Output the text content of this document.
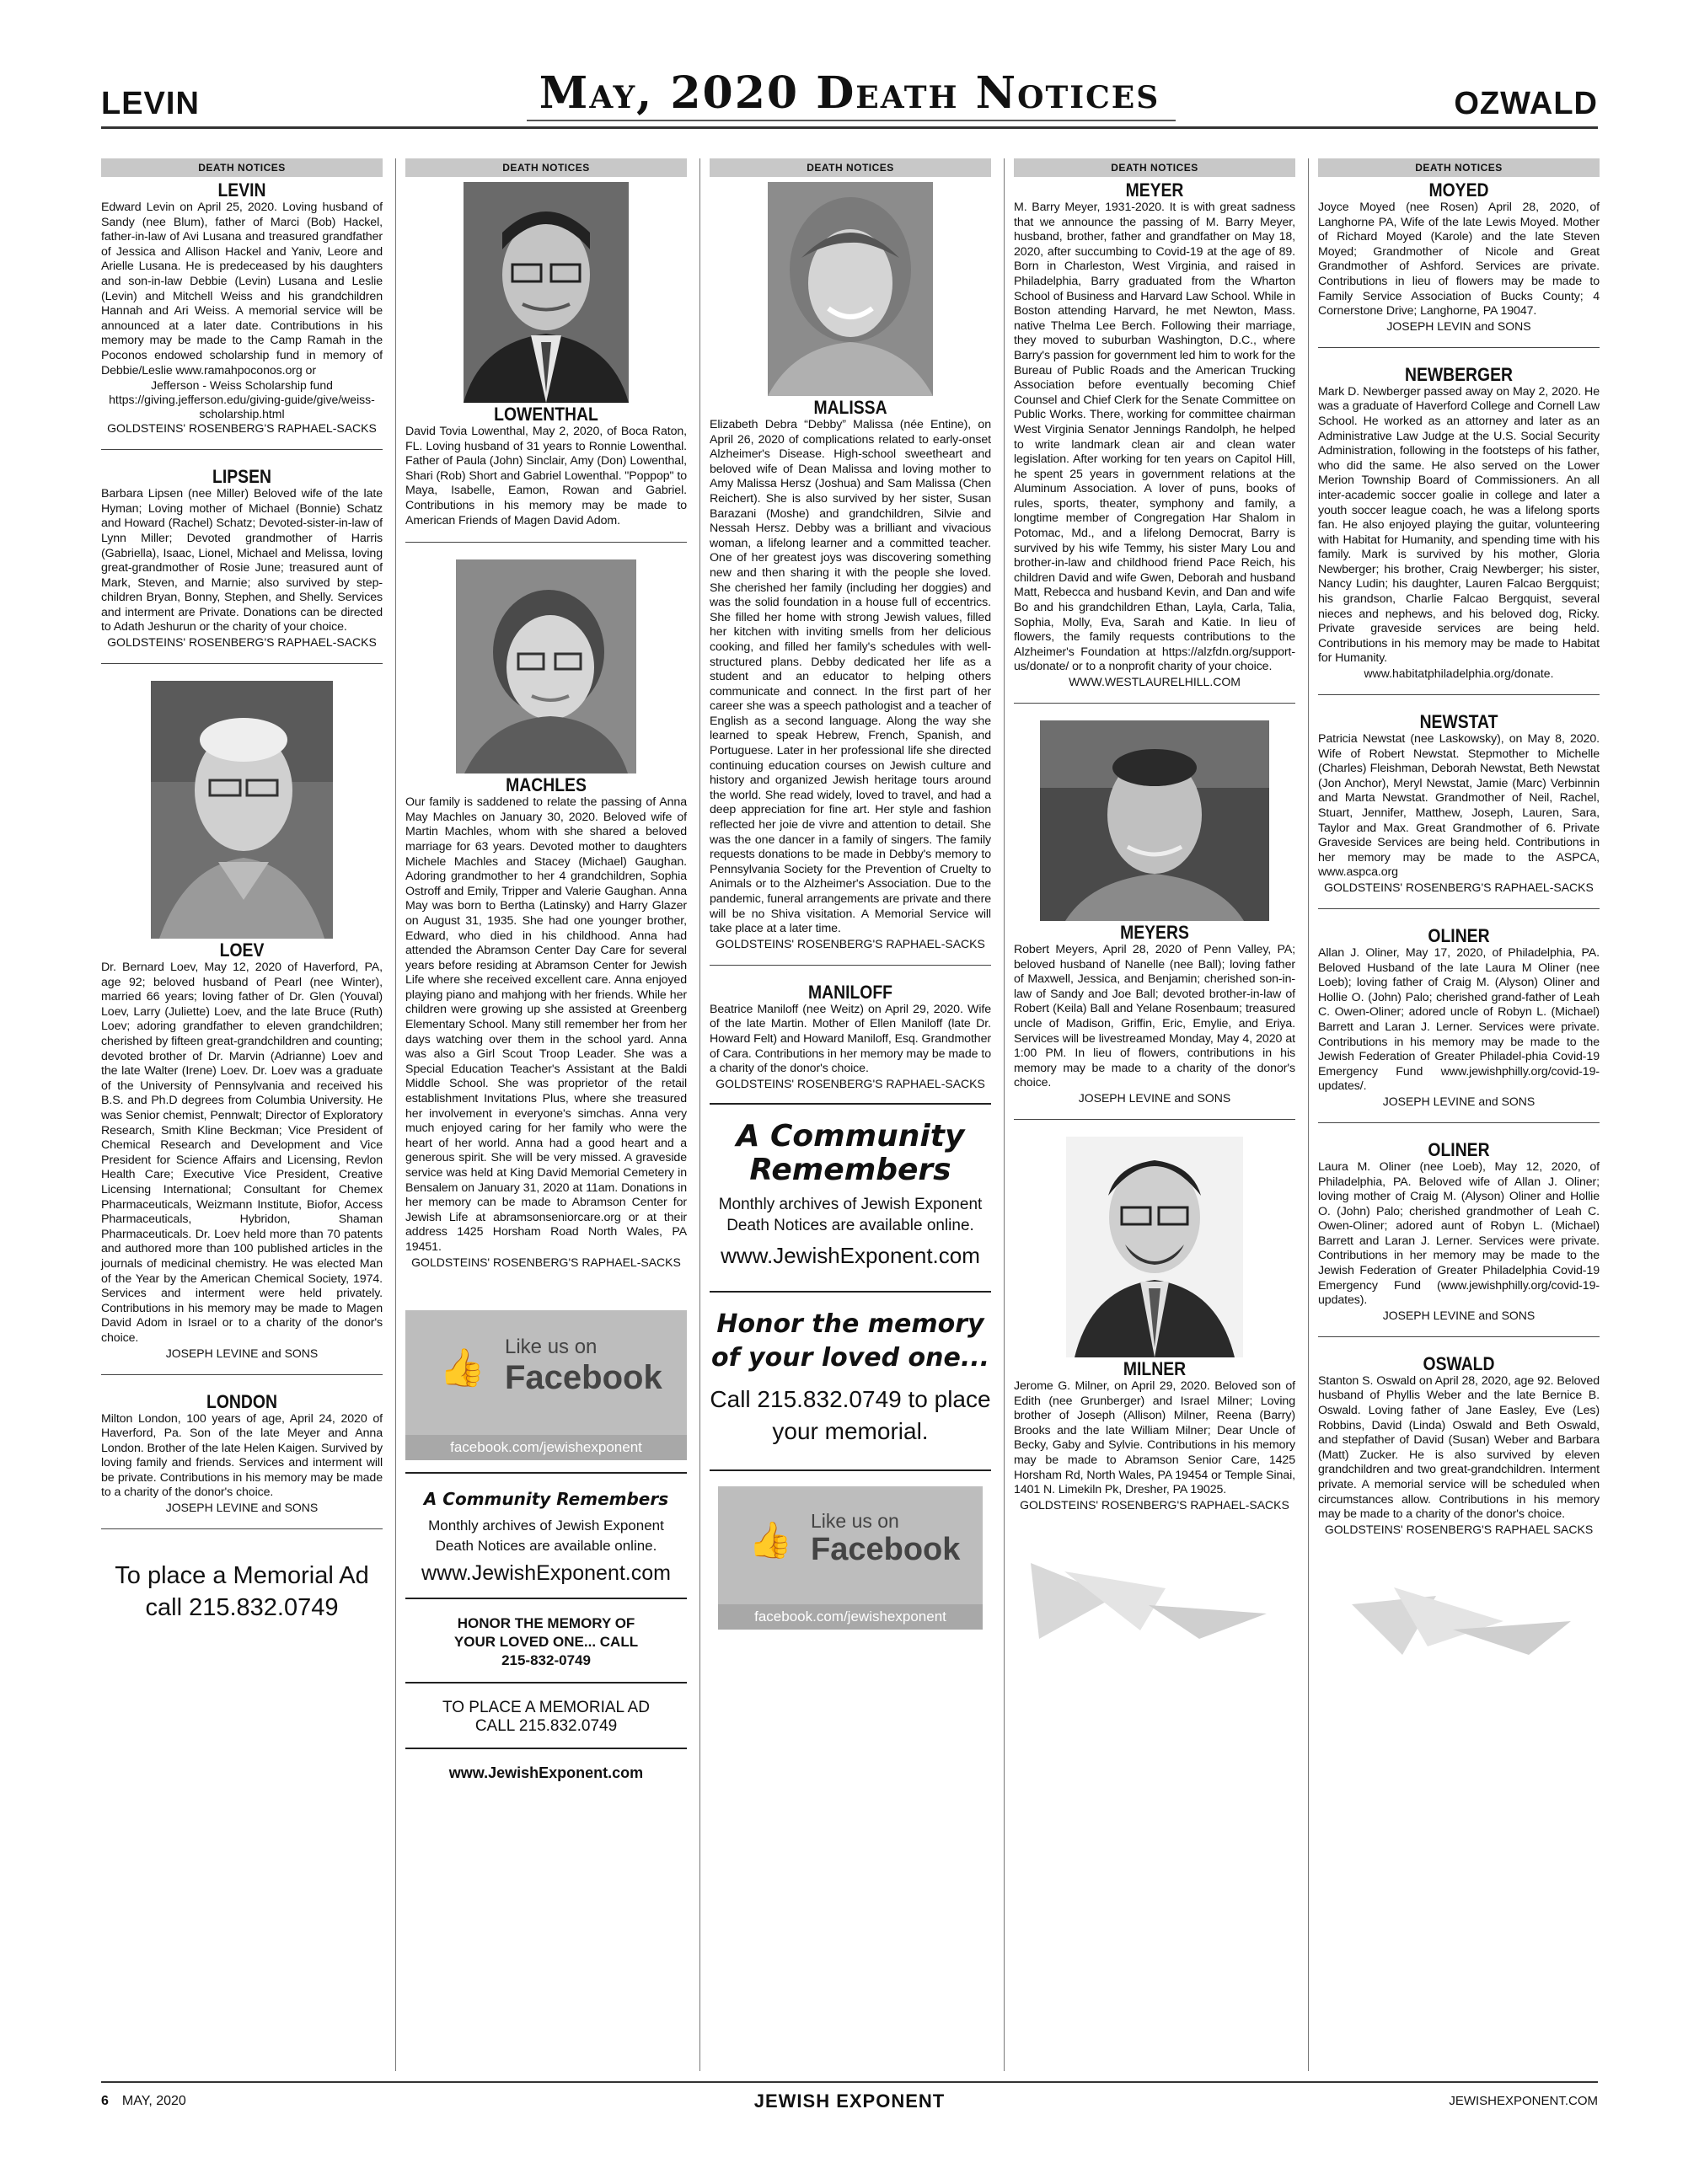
LEVIN	May, 2020 Death Notices	OZWALD
DEATH NOTICES
LEVIN
Edward Levin on April 25, 2020. Loving husband of Sandy (nee Blum), father of Marci (Bob) Hackel, father-in-law of Avi Lusana and treasured grandfather of Jessica and Allison Hackel and Yaniv, Leore and Arielle Lusana. He is predeceased by his daughters and son-in-law Debbie (Levin) Lusana and Leslie (Levin) and Mitchell Weiss and his grandchildren Hannah and Ari Weiss. A memorial service will be announced at a later date. Contributions in his memory may be made to the Camp Ramah in the Poconos endowed scholarship fund in memory of Debbie/Leslie www.ramahpoconos.org or
Jefferson - Weiss Scholarship fund https://giving.jefferson.edu/giving-guide/give/weiss-scholarship.html
GOLDSTEINS' ROSENBERG'S RAPHAEL-SACKS
LIPSEN
Barbara Lipsen (nee Miller) Beloved wife of the late Hyman; Loving mother of Michael (Bonnie) Schatz and Howard (Rachel) Schatz; Devoted-sister-in-law of Lynn Miller; Devoted grandmother of Harris (Gabriella), Isaac, Lionel, Michael and Melissa, loving great-grandmother of Rosie June; treasured aunt of Mark, Steven, and Marnie; also survived by step-children Bryan, Bonny, Stephen, and Shelly. Services and interment are Private. Donations can be directed to Adath Jeshurun or the charity of your choice.
GOLDSTEINS' ROSENBERG'S RAPHAEL-SACKS
LOEV
Dr. Bernard Loev, May 12, 2020 of Haverford, PA, age 92; beloved husband of Pearl (nee Winter), married 66 years; loving father of Dr. Glen (Youval) Loev, Larry (Juliette) Loev, and the late Bruce (Ruth) Loev; adoring grandfather to eleven grandchildren; cherished by fifteen great-grandchildren and counting; devoted brother of Dr. Marvin (Adrianne) Loev and the late Walter (Irene) Loev. Dr. Loev was a graduate of the University of Pennsylvania and received his B.S. and Ph.D degrees from Columbia University. He was Senior chemist, Pennwalt; Director of Exploratory Research, Smith Kline Beckman; Vice President of Chemical Research and Development and Vice President for Science Affairs and Licensing, Revlon Health Care; Executive Vice President, Creative Licensing International; Consultant for Chemex Pharmaceuticals, Weizmann Institute, Biofor, Access Pharmaceuticals, Hybridon, Shaman Pharmaceuticals. Dr. Loev held more than 70 patents and authored more than 100 published articles in the journals of medicinal chemistry. He was elected Man of the Year by the American Chemical Society, 1974. Services and interment were held privately. Contributions in his memory may be made to Magen David Adom in Israel or to a charity of the donor's choice.
JOSEPH LEVINE and SONS
LONDON
Milton London, 100 years of age, April 24, 2020 of Haverford, Pa. Son of the late Meyer and Anna London. Brother of the late Helen Kaigen. Survived by loving family and friends. Services and interment will be private. Contributions in his memory may be made to a charity of the donor's choice.
JOSEPH LEVINE and SONS
To place a Memorial Ad call 215.832.0749
DEATH NOTICES
LOWENTHAL
David Tovia Lowenthal, May 2, 2020, of Boca Raton, FL. Loving husband of 31 years to Ronnie Lowenthal. Father of Paula (John) Sinclair, Amy (Don) Lowenthal, Shari (Rob) Short and Gabriel Lowenthal. "Poppop" to Maya, Isabelle, Eamon, Rowan and Gabriel. Contributions in his memory may be made to American Friends of Magen David Adom.
MACHLES
Our family is saddened to relate the passing of Anna May Machles on January 30, 2020. Beloved wife of Martin Machles, whom with she shared a beloved marriage for 63 years. Devoted mother to daughters Michele Machles and Stacey (Michael) Gaughan. Adoring grandmother to her 4 grandchildren, Sophia Ostroff and Emily, Tripper and Valerie Gaughan. Anna May was born to Bertha (Latinsky) and Harry Glazer on August 31, 1935. She had one younger brother, Edward, who died in his childhood. Anna had attended the Abramson Center Day Care for several years before residing at Abramson Center for Jewish Life where she received excellent care. Anna enjoyed playing piano and mahjong with her friends. While her children were growing up she assisted at Greenberg Elementary School. Many still remember her from her days watching over them in the school yard. Anna was also a Girl Scout Troop Leader. She was a Special Education Teacher's Assistant at the Baldi Middle School. She was proprietor of the retail establishment Invitations Plus, where she treasured her involvement in everyone's simchas. Anna very much enjoyed caring for her family who were the heart of her world. Anna had a good heart and a generous spirit. She will be very missed. A graveside service was held at King David Memorial Cemetery in Bensalem on January 31, 2020 at 11am. Donations in her memory can be made to Abramson Center for Jewish Life at abramsonseniorcare.org or at their address 1425 Horsham Road North Wales, PA 19451.
GOLDSTEINS' ROSENBERG'S RAPHAEL-SACKS
👍
Like us on
Facebook
facebook.com/jewishexponent
A Community Remembers
Monthly archives of Jewish Exponent Death Notices are available online.
www.JewishExponent.com
HONOR THE MEMORY OF YOUR LOVED ONE... CALL 215-832-0749
TO PLACE A MEMORIAL AD CALL 215.832.0749
www.JewishExponent.com
DEATH NOTICES
MALISSA
Elizabeth Debra “Debby” Malissa (née Entine), on April 26, 2020 of complications related to early-onset Alzheimer's Disease. High-school sweetheart and beloved wife of Dean Malissa and loving mother to Amy Malissa Hersz (Joshua) and Sam Malissa (Chen Reichert). She is also survived by her sister, Susan Barazani (Moshe) and grandchildren, Silvie and Nessah Hersz. Debby was a brilliant and vivacious woman, a lifelong learner and a committed teacher. One of her greatest joys was discovering something new and then sharing it with the people she loved. She cherished her family (including her doggies) and was the solid foundation in a house full of eccentrics. She filled her home with strong Jewish values, filled her kitchen with inviting smells from her delicious cooking, and filled her family's schedules with well-structured plans. Debby dedicated her life as a student and an educator to helping others communicate and connect. In the first part of her career she was a speech pathologist and a teacher of English as a second language. Along the way she learned to speak Hebrew, French, Spanish, and Portuguese. Later in her professional life she directed continuing education courses on Jewish culture and history and organized Jewish heritage tours around the world. She read widely, loved to travel, and had a deep appreciation for fine art. Her style and fashion reflected her joie de vivre and attention to detail. She was the one dancer in a family of singers. The family requests donations to be made in Debby's memory to Pennsylvania Society for the Prevention of Cruelty to Animals or to the Alzheimer's Association. Due to the pandemic, funeral arrangements are private and there will be no Shiva visitation. A Memorial Service will take place at a later time.
GOLDSTEINS' ROSENBERG'S RAPHAEL-SACKS
MANILOFF
Beatrice Maniloff (nee Weitz) on April 29, 2020. Wife of the late Martin. Mother of Ellen Maniloff (late Dr. Howard Felt) and Howard Maniloff, Esq. Grandmother of Cara. Contributions in her memory may be made to a charity of the donor's choice.
GOLDSTEINS' ROSENBERG'S RAPHAEL-SACKS
A Community Remembers
Monthly archives of Jewish Exponent Death Notices are available online.
www.JewishExponent.com
Honor the memory of your loved one...
Call 215.832.0749 to place your memorial.
👍 Like us on
Facebook
facebook.com/jewishexponent
DEATH NOTICES
MEYER
M. Barry Meyer, 1931-2020. It is with great sadness that we announce the passing of M. Barry Meyer, husband, brother, father and grandfather on May 18, 2020, after succumbing to Covid-19 at the age of 89. Born in Charleston, West Virginia, and raised in Philadelphia, Barry graduated from the Wharton School of Business and Harvard Law School. While in Boston attending Harvard, he met Newton, Mass. native Thelma Lee Berch. Following their marriage, they moved to suburban Washington, D.C., where Barry's passion for government led him to work for the Bureau of Public Roads and the American Trucking Association before eventually becoming Chief Counsel and Chief Clerk for the Senate Committee on Public Works. There, working for committee chairman West Virginia Senator Jennings Randolph, he helped to write landmark clean air and clean water legislation. After working for ten years on Capitol Hill, he spent 25 years in government relations at the Aluminum Association. A lover of puns, books of rules, sports, theater, symphony and family, a longtime member of Congregation Har Shalom in Potomac, Md., and a lifelong Democrat, Barry is survived by his wife Temmy, his sister Mary Lou and brother-in-law and childhood friend Pace Reich, his children David and wife Gwen, Deborah and husband Matt, Rebecca and husband Kevin, and Dan and wife Bo and his grandchildren Ethan, Layla, Carla, Talia, Sophia, Molly, Eva, Sarah and Katie. In lieu of flowers, the family requests contributions to the Alzheimer's Foundation at https://alzfdn.org/support-us/donate/ or to a nonprofit charity of your choice.
WWW.WESTLAURELHILL.COM
MEYERS
Robert Meyers, April 28, 2020 of Penn Valley, PA; beloved husband of Nanelle (nee Ball); loving father of Maxwell, Jessica, and Benjamin; cherished son-in-law of Sandy and Joe Ball; devoted brother-in-law of Robert (Keila) Ball and Yelane Rosenbaum; treasured uncle of Madison, Griffin, Eric, Emylie, and Eriya. Services will be livestreamed Monday, May 4, 2020 at 1:00 PM. In lieu of flowers, contributions in his memory may be made to a charity of the donor's choice.
JOSEPH LEVINE and SONS
MILNER
Jerome G. Milner, on April 29, 2020. Beloved son of Edith (nee Grunberger) and Israel Milner; Loving brother of Joseph (Allison) Milner, Reena (Barry) Brooks and the late William Milner; Dear Uncle of Becky, Gaby and Sylvie. Contributions in his memory may be made to Abramson Senior Care, 1425 Horsham Rd, North Wales, PA 19454 or Temple Sinai, 1401 N. Limekiln Pk, Dresher, PA 19025.
GOLDSTEINS' ROSENBERG'S RAPHAEL-SACKS
DEATH NOTICES
MOYED
Joyce Moyed (nee Rosen) April 28, 2020, of Langhorne PA, Wife of the late Lewis Moyed. Mother of Richard Moyed (Karole) and the late Steven Moyed; Grandmother of Nicole and Great Grandmother of Ashford. Services are private. Contributions in lieu of flowers may be made to Family Service Association of Bucks County; 4 Cornerstone Drive; Langhorne, PA 19047.
JOSEPH LEVIN and SONS
NEWBERGER
Mark D. Newberger passed away on May 2, 2020. He was a graduate of Haverford College and Cornell Law School. He worked as an attorney and later as an Administrative Law Judge at the U.S. Social Security Administration, following in the footsteps of his father, who did the same. He also served on the Lower Merion Township Board of Commissioners. An all inter-academic soccer goalie in college and later a youth soccer league coach, he was a lifelong sports fan. He also enjoyed playing the guitar, volunteering with Habitat for Humanity, and spending time with his family. Mark is survived by his mother, Gloria Newberger; his brother, Craig Newberger; his sister, Nancy Ludin; his daughter, Lauren Falcao Bergquist; his grandson, Charlie Falcao Bergquist, several nieces and nephews, and his beloved dog, Ricky. Private graveside services are being held. Contributions in his memory may be made to Habitat for Humanity.
www.habitatphiladelphia.org/donate.
NEWSTAT
Patricia Newstat (nee Laskowsky), on May 8, 2020. Wife of Robert Newstat. Stepmother to Michelle (Charles) Fleishman, Deborah Newstat, Beth Newstat (Jon Anchor), Meryl Newstat, Jamie (Marc) Verbinnin and Marta Newstat. Grandmother of Neil, Rachel, Stuart, Jennifer, Matthew, Joseph, Lauren, Sara, Taylor and Max. Great Grandmother of 6. Private Graveside Services are being held. Contributions in her memory may be made to the ASPCA, www.aspca.org
GOLDSTEINS' ROSENBERG'S RAPHAEL-SACKS
OLINER
Allan J. Oliner, May 17, 2020, of Philadelphia, PA. Beloved Husband of the late Laura M Oliner (nee Loeb); loving father of Craig M. (Alyson) Oliner and Hollie O. (John) Palo; cherished grand-father of Leah C. Owen-Oliner; adored uncle of Robyn L. (Michael) Barrett and Laran J. Lerner. Services were private. Contributions in his memory may be made to the Jewish Federation of Greater Philadel-phia Covid-19 Emergency Fund www.jewishphilly.org/covid-19-updates/.
JOSEPH LEVINE and SONS
OLINER
Laura M. Oliner (nee Loeb), May 12, 2020, of Philadelphia, PA. Beloved wife of Allan J. Oliner; loving mother of Craig M. (Alyson) Oliner and Hollie O. (John) Palo; cherished grandmother of Leah C. Owen-Oliner; adored aunt of Robyn L. (Michael) Barrett and Laran J. Lerner. Services were private. Contributions in her memory may be made to the Jewish Federation of Greater Philadelphia Covid-19 Emergency Fund (www.jewishphilly.org/covid-19-updates).
JOSEPH LEVINE and SONS
OSWALD
Stanton S. Oswald on April 28, 2020, age 92. Beloved husband of Phyllis Weber and the late Bernice B. Oswald. Loving father of Jane Easley, Eve (Les) Robbins, David (Linda) Oswald and Beth Oswald, and stepfather of David (Susan) Weber and Barbara (Matt) Zucker. He is also survived by eleven grandchildren and two great-grandchildren. Interment private. A memorial service will be scheduled when circumstances allow. Contributions in his memory may be made to a charity of the donor's choice.
GOLDSTEINS' ROSENBERG'S RAPHAEL SACKS
6 MAY, 2020	JEWISH EXPONENT	JEWISHEXPONENT.COM
